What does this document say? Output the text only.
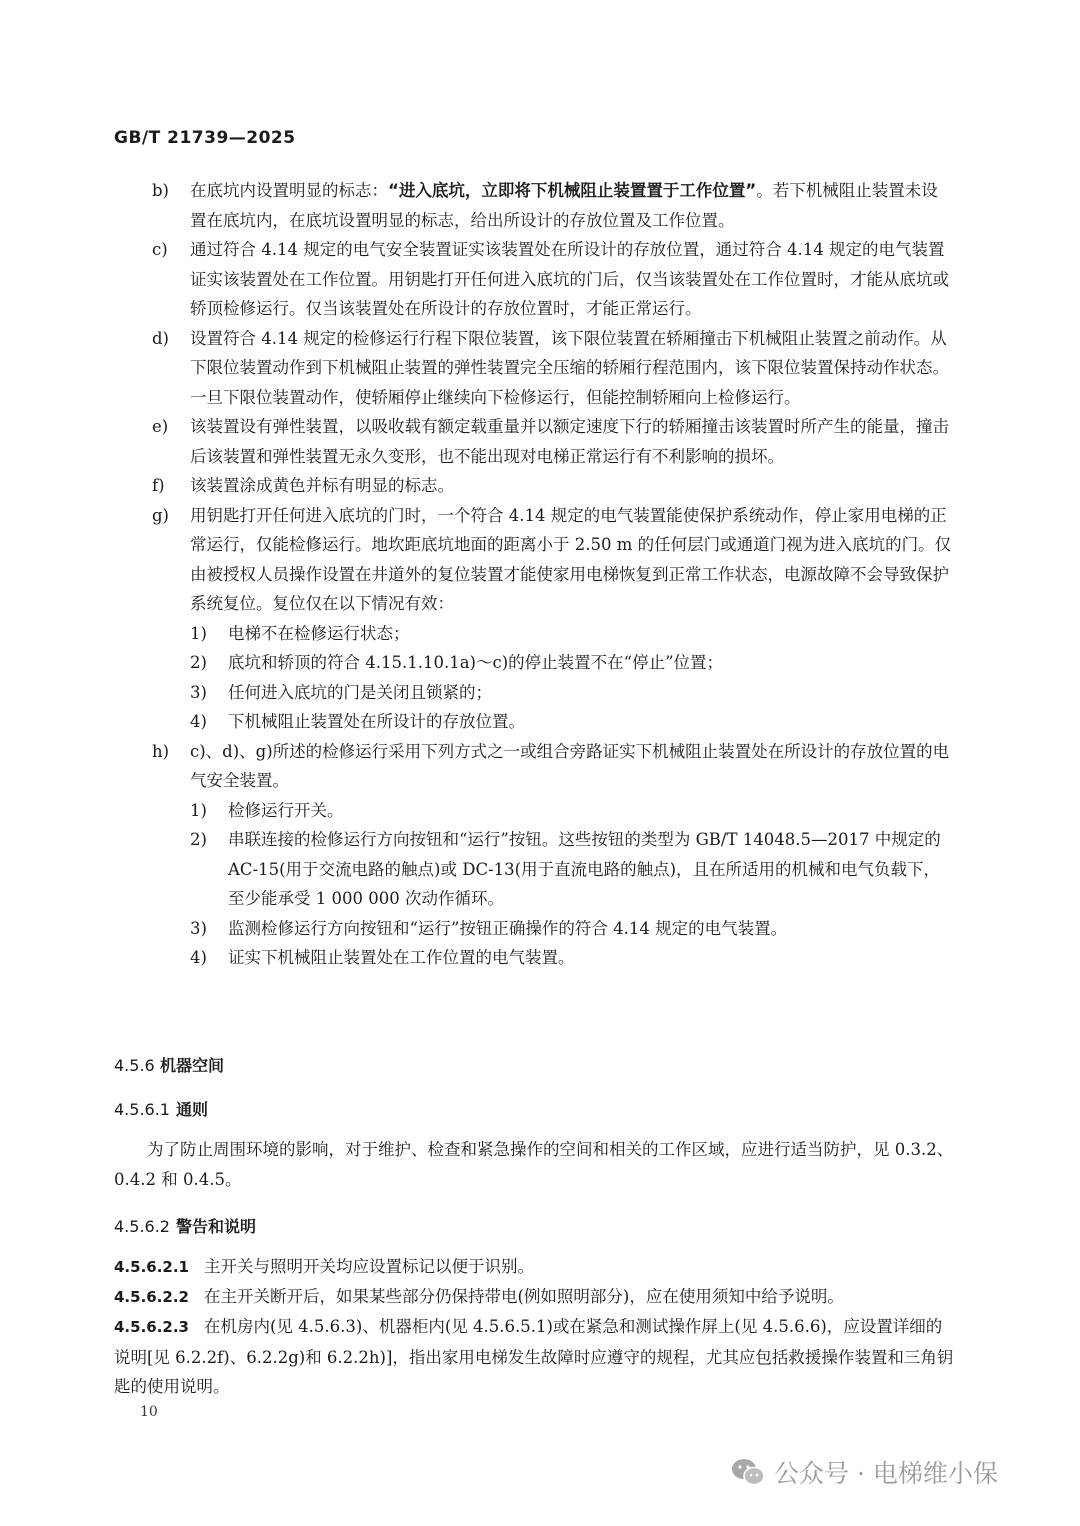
GB/T 21739—2025
b) 在底坑内设置明显的标志：“进入底坑，立即将下机械阻止装置置于工作位置”。若下机械阻止装置未设置在底坑内，在底坑设置明显的标志，给出所设计的存放位置及工作位置。
c) 通过符合 4.14 规定的电气安全装置证实该装置处在所设计的存放位置，通过符合 4.14 规定的电气装置证实该装置处在工作位置。用钥匙打开任何进入底坑的门后，仅当该装置处在工作位置时，才能从底坑或轿顶检修运行。仅当该装置处在所设计的存放位置时，才能正常运行。
d) 设置符合 4.14 规定的检修运行行程下限位装置，该下限位装置在轿厢撞击下机械阻止装置之前动作。从下限位装置动作到下机械阻止装置的弹性装置完全压缩的轿厢行程范围内，该下限位装置保持动作状态。一旦下限位装置动作，使轿厢停止继续向下检修运行，但能控制轿厢向上检修运行。
e) 该装置设有弹性装置，以吸收载有额定载重量并以额定速度下行的轿厢撞击该装置时所产生的能量，撞击后该装置和弹性装置无永久变形，也不能出现对电梯正常运行有不利影响的损坏。
f) 该装置涂成黄色并标有明显的标志。
g) 用钥匙打开任何进入底坑的门时，一个符合 4.14 规定的电气装置能使保护系统动作，停止家用电梯的正常运行，仅能检修运行。地坎距底坑地面的距离小于 2.50 m 的任何层门或通道门视为进入底坑的门。仅由被授权人员操作设置在井道外的复位装置才能使家用电梯恢复到正常工作状态，电源故障不会导致保护系统复位。复位仅在以下情况有效：
1) 电梯不在检修运行状态；
2) 底坑和轿顶的符合 4.15.1.10.1a)～c)的停止装置不在“停止”位置；
3) 任何进入底坑的门是关闭且锁紧的；
4) 下机械阻止装置处在所设计的存放位置。
h) c)、d)、g)所述的检修运行采用下列方式之一或组合旁路证实下机械阻止装置处在所设计的存放位置的电气安全装置。
1) 检修运行开关。
2) 串联连接的检修运行方向按钮和“运行”按钮。这些按钮的类型为 GB/T 14048.5—2017 中规定的 AC-15(用于交流电路的触点)或 DC-13(用于直流电路的触点)，且在所适用的机械和电气负载下，至少能承受 1 000 000 次动作循环。
3) 监测检修运行方向按钮和“运行”按钮正确操作的符合 4.14 规定的电气装置。
4) 证实下机械阻止装置处在工作位置的电气装置。
4.5.6 机器空间
4.5.6.1 通则
为了防止周围环境的影响，对于维护、检查和紧急操作的空间和相关的工作区域，应进行适当防护，见 0.3.2、0.4.2 和 0.4.5。
4.5.6.2 警告和说明
4.5.6.2.1 主开关与照明开关均应设置标记以便于识别。
4.5.6.2.2 在主开关断开后，如果某些部分仍保持带电(例如照明部分)，应在使用须知中给予说明。
4.5.6.2.3 在机房内(见 4.5.6.3)、机器柜内(见 4.5.6.5.1)或在紧急和测试操作屏上(见 4.5.6.6)，应设置详细的说明[见 6.2.2f)、6.2.2g)和 6.2.2h)]，指出家用电梯发生故障时应遵守的规程，尤其应包括救援操作装置和三角钥匙的使用说明。
10
公众号 · 电梯维小保
